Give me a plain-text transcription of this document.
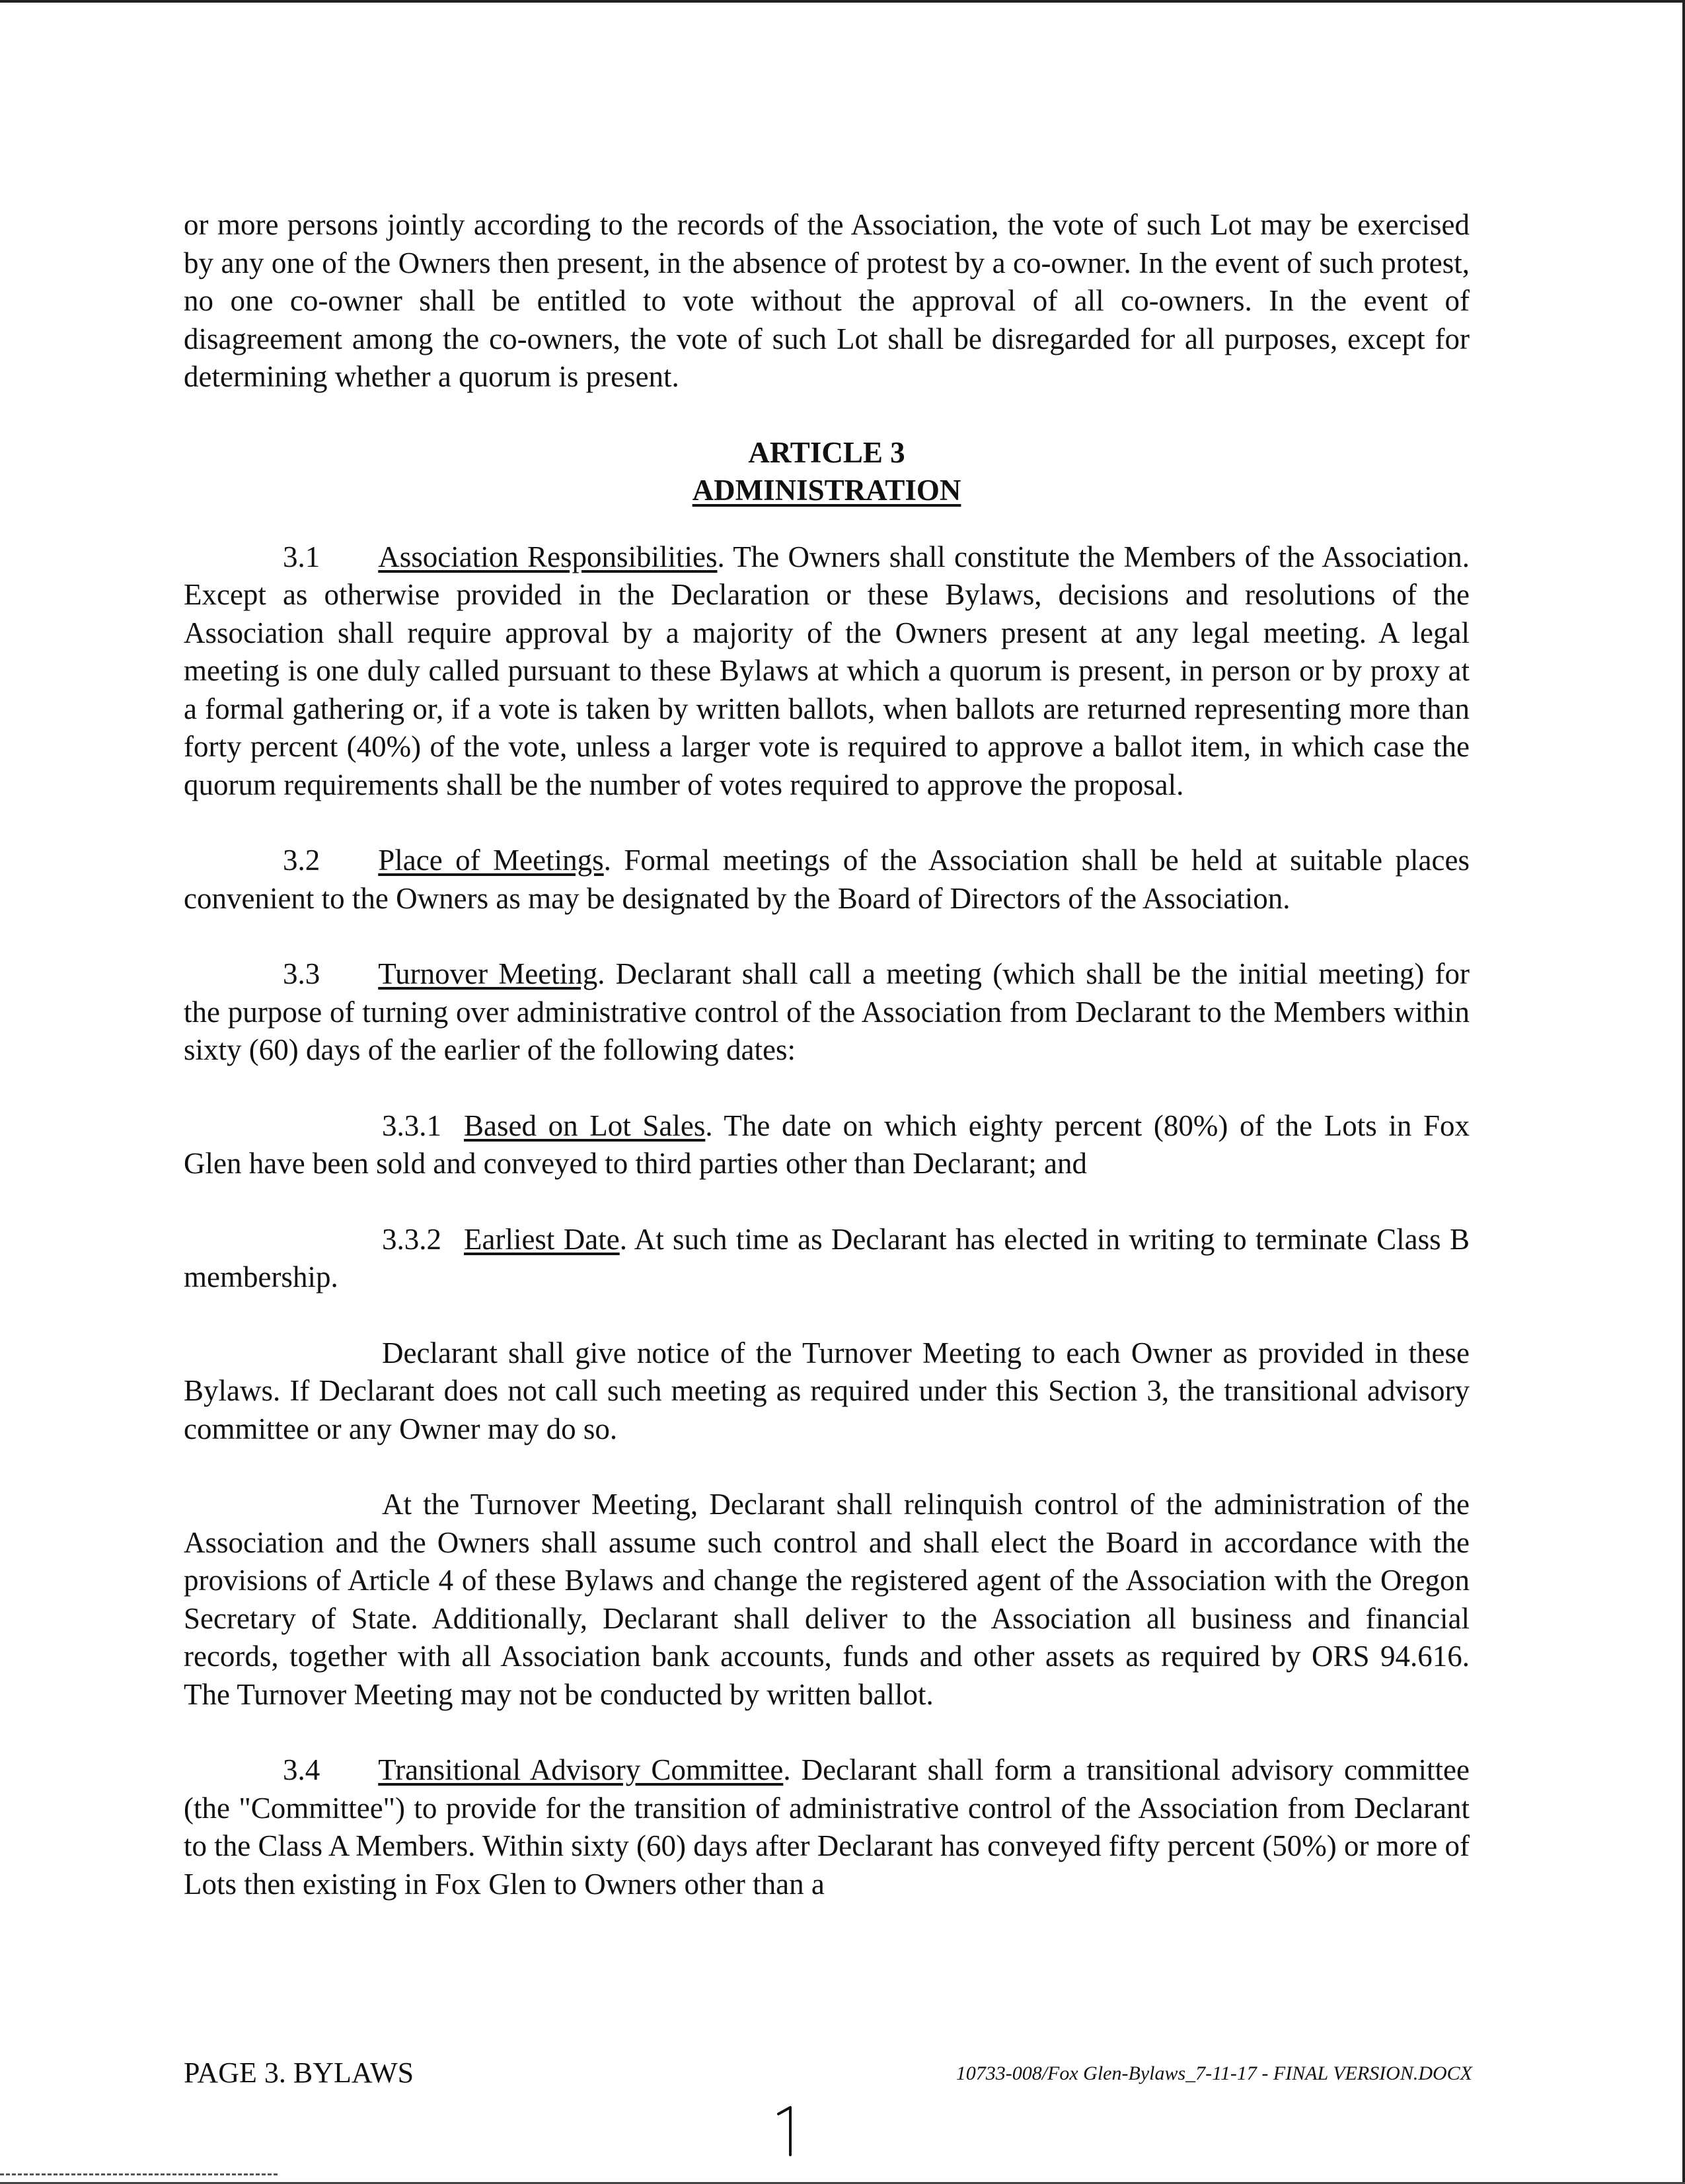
or more persons jointly according to the records of the Association, the vote of such Lot may be exercised by any one of the Owners then present, in the absence of protest by a co-owner. In the event of such protest, no one co-owner shall be entitled to vote without the approval of all co-owners. In the event of disagreement among the co-owners, the vote of such Lot shall be disregarded for all purposes, except for determining whether a quorum is present.

ARTICLE 3
ADMINISTRATION

3.1 Association Responsibilities. The Owners shall constitute the Members of the Association. Except as otherwise provided in the Declaration or these Bylaws, decisions and resolutions of the Association shall require approval by a majority of the Owners present at any legal meeting. A legal meeting is one duly called pursuant to these Bylaws at which a quorum is present, in person or by proxy at a formal gathering or, if a vote is taken by written ballots, when ballots are returned representing more than forty percent (40%) of the vote, unless a larger vote is required to approve a ballot item, in which case the quorum requirements shall be the number of votes required to approve the proposal.

3.2 Place of Meetings. Formal meetings of the Association shall be held at suitable places convenient to the Owners as may be designated by the Board of Directors of the Association.

3.3 Turnover Meeting. Declarant shall call a meeting (which shall be the initial meeting) for the purpose of turning over administrative control of the Association from Declarant to the Members within sixty (60) days of the earlier of the following dates:

3.3.1 Based on Lot Sales. The date on which eighty percent (80%) of the Lots in Fox Glen have been sold and conveyed to third parties other than Declarant; and

3.3.2 Earliest Date. At such time as Declarant has elected in writing to terminate Class B membership.

Declarant shall give notice of the Turnover Meeting to each Owner as provided in these Bylaws. If Declarant does not call such meeting as required under this Section 3, the transitional advisory committee or any Owner may do so.

At the Turnover Meeting, Declarant shall relinquish control of the administration of the Association and the Owners shall assume such control and shall elect the Board in accordance with the provisions of Article 4 of these Bylaws and change the registered agent of the Association with the Oregon Secretary of State. Additionally, Declarant shall deliver to the Association all business and financial records, together with all Association bank accounts, funds and other assets as required by ORS 94.616. The Turnover Meeting may not be conducted by written ballot.

3.4 Transitional Advisory Committee. Declarant shall form a transitional advisory committee (the "Committee") to provide for the transition of administrative control of the Association from Declarant to the Class A Members. Within sixty (60) days after Declarant has conveyed fifty percent (50%) or more of Lots then existing in Fox Glen to Owners other than a

PAGE 3. BYLAWS	10733-008/Fox Glen-Bylaws_7-11-17 - FINAL VERSION.DOCX
